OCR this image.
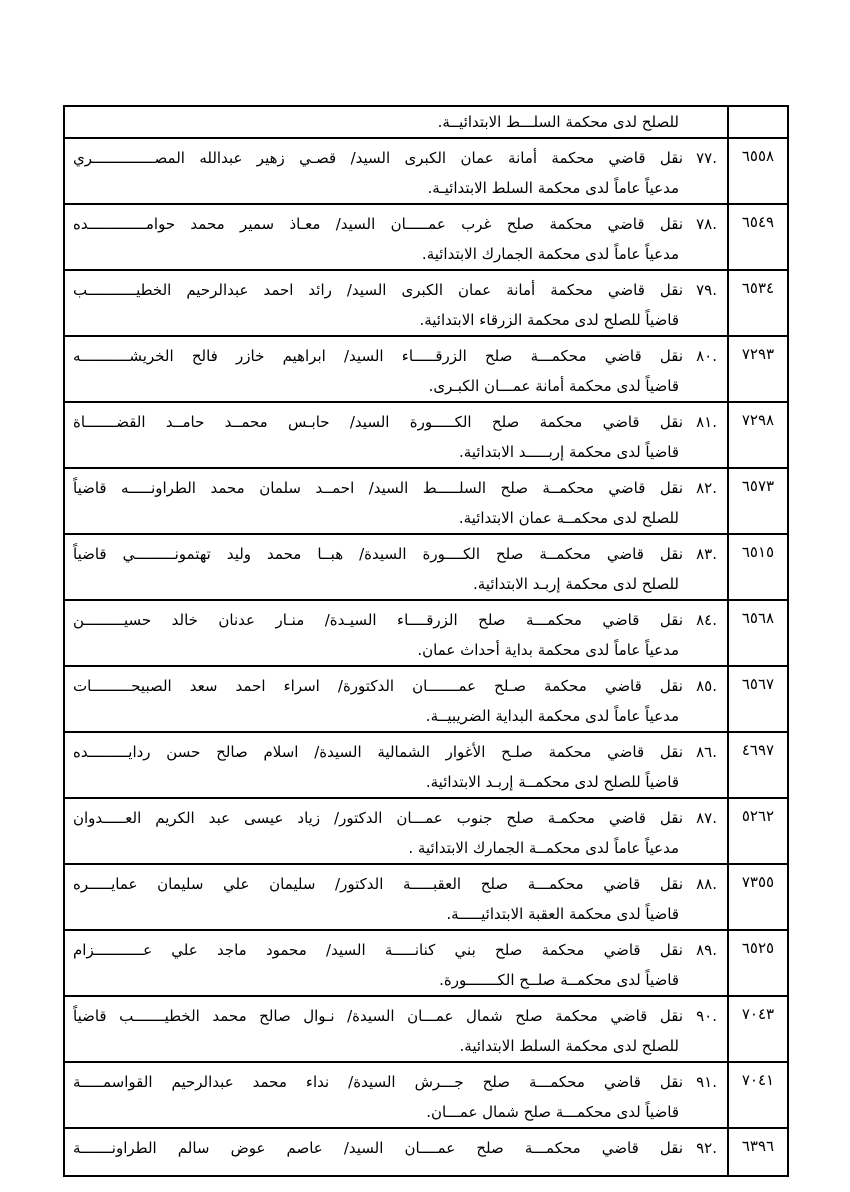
	للصلح لدى محكمة السلـــط الابتدائيــة.

٦٥٥٨	.٧٧نقل قاضي محكمة أمانة عمان الكبرى السيد/ قصـي زهير عبدالله المصــــــــــــــري
مدعياً عاماً لدى محكمة السلط الابتدائيـة.

٦٥٤٩	.٧٨نقل قاضي محكمة صلح غرب عمـــــان السيد/ معـاذ سمير محمد حوامـــــــــــــده
مدعياً عاماً لدى محكمة الجمارك الابتدائية.

٦٥٣٤	.٧٩نقل قاضي محكمة أمانة عمان الكبرى السيد/ رائد احمد عبدالرحيم الخطيـــــــــــب
قاضياً للصلح لدى محكمة الزرقاء الابتدائية.

٧٢٩٣	.٨٠نقل قاضي محكمـــة صلح الزرقـــــاء السيد/ ابراهيم خازر فالح الخريشـــــــــــه
قاضياً لدى محكمة أمانة عمـــان الكبـرى.

٧٢٩٨	.٨١نقل قاضي محكمة صلح الكـــــورة السيد/ حابـس محمــد حامــد القضـــــــاة
قاضياً لدى محكمة إربـــــد الابتدائية.

٦٥٧٣	.٨٢نقل قاضي محكمــة صلح السلـــــط السيد/ احمــد سلمان محمد الطراونـــــه قاضياً
للصلح لدى محكمــة عمان الابتدائية.

٦٥١٥	.٨٣نقل قاضي محكمــة صلح الكــــورة السيدة/ هبــا محمد وليد تهتمونـــــــــي قاضياً
للصلح لدى محكمة إربـد الابتدائية.

٦٥٦٨	.٨٤نقل قاضي محكمـــة صلح الزرقــــاء السيـدة/ منـار عدنان خالد حسيـــــــــن
مدعياً عاماً لدى محكمة بداية أحداث عمان.

٦٥٦٧	.٨٥نقل قاضي محكمة صـلح عمـــــــان الدكتورة/ اسراء احمد سعد الصبيحـــــــــات
مدعياً عاماً لدى محكمة البداية الضريبيــة.

٤٦٩٧	.٨٦نقل قاضي محكمة صلـح الأغوار الشمالية السيدة/ اسلام صالح حسن ردايـــــــــده
قاضياً للصلح لدى محكمــة إربـد الابتدائية.

٥٢٦٢	.٨٧نقل قاضي محكمـة صلح جنوب عمـــان الدكتور/ زياد عيسى عبد الكريم العـــــدوان
مدعياً عاماً لدى محكمــة الجمارك الابتدائية .

٧٣٥٥	.٨٨نقل قاضي محكمـــة صلح العقبـــــة الدكتور/ سليمان علي سليمان عمايـــــره
قاضياً لدى محكمة العقبة الابتدائيـــــة.

٦٥٢٥	.٨٩نقل قاضي محكمة صلح بني كنانـــــة السيد/ محمود ماجد علي عـــــــــــزام
قاضياً لدى محكمــة صلــح الكـــــــورة.

٧٠٤٣	.٩٠نقل قاضي محكمة صلح شمال عمـــان السيدة/ نـوال صالح محمد الخطيـــــــب قاضياً
للصلح لدى محكمة السلط الابتدائية.

٧٠٤١	.٩١نقل قاضي محكمـــة صلح جـــرش السيدة/ نداء محمد عبدالرحيم القواسمـــــة
قاضياً لدى محكمـــة صلح شمال عمـــان.

٦٣٩٦	.٩٢نقل قاضي محكمـــة صلح عمــــان السيد/ عاصم عوض سالم الطراونـــــــة
